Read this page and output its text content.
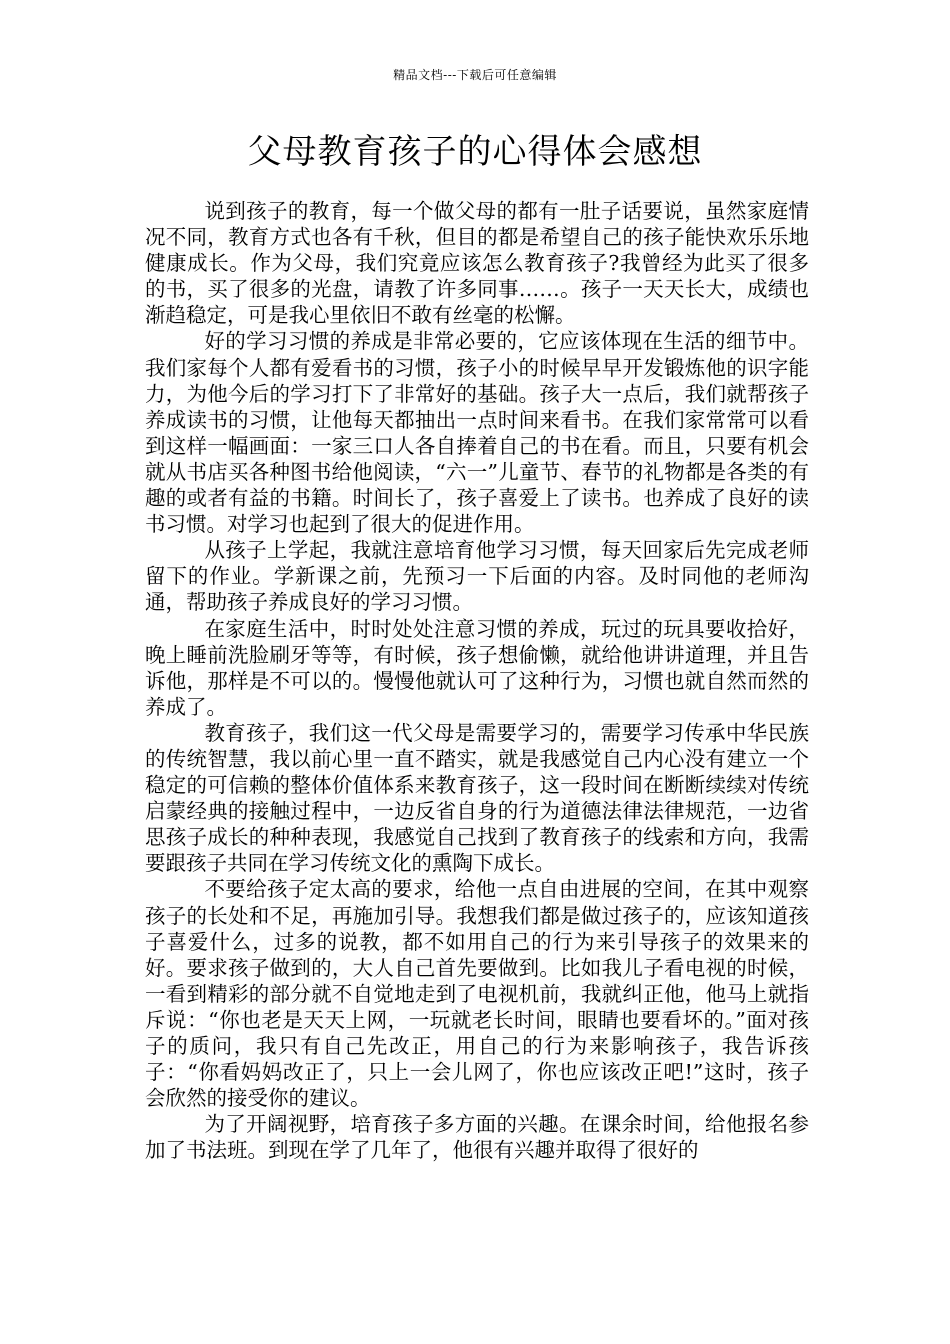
精品文档---下载后可任意编辑
父母教育孩子的心得体会感想

说到孩子的教育，每一个做父母的都有一肚子话要说，虽然家庭情况不同，教育方式也各有千秋，但目的都是希望自己的孩子能快欢乐乐地健康成长。作为父母，我们究竟应该怎么教育孩子?我曾经为此买了很多的书，买了很多的光盘，请教了许多同事……。孩子一天天长大，成绩也渐趋稳定，可是我心里依旧不敢有丝毫的松懈。

好的学习习惯的养成是非常必要的，它应该体现在生活的细节中。我们家每个人都有爱看书的习惯，孩子小的时候早早开发锻炼他的识字能力，为他今后的学习打下了非常好的基础。孩子大一点后，我们就帮孩子养成读书的习惯，让他每天都抽出一点时间来看书。在我们家常常可以看到这样一幅画面：一家三口人各自捧着自己的书在看。而且，只要有机会就从书店买各种图书给他阅读，“六一”儿童节、春节的礼物都是各类的有趣的或者有益的书籍。时间长了，孩子喜爱上了读书。也养成了良好的读书习惯。对学习也起到了很大的促进作用。

从孩子上学起，我就注意培育他学习习惯，每天回家后先完成老师留下的作业。学新课之前，先预习一下后面的内容。及时同他的老师沟通，帮助孩子养成良好的学习习惯。

在家庭生活中，时时处处注意习惯的养成，玩过的玩具要收拾好，晚上睡前洗脸刷牙等等，有时候，孩子想偷懒，就给他讲讲道理，并且告诉他，那样是不可以的。慢慢他就认可了这种行为，习惯也就自然而然的养成了。

教育孩子，我们这一代父母是需要学习的，需要学习传承中华民族的传统智慧，我以前心里一直不踏实，就是我感觉自己内心没有建立一个稳定的可信赖的整体价值体系来教育孩子，这一段时间在断断续续对传统启蒙经典的接触过程中，一边反省自身的行为道德法律法律规范，一边省思孩子成长的种种表现，我感觉自己找到了教育孩子的线索和方向，我需要跟孩子共同在学习传统文化的熏陶下成长。

不要给孩子定太高的要求，给他一点自由进展的空间，在其中观察孩子的长处和不足，再施加引导。我想我们都是做过孩子的，应该知道孩子喜爱什么，过多的说教，都不如用自己的行为来引导孩子的效果来的好。要求孩子做到的，大人自己首先要做到。比如我儿子看电视的时候，一看到精彩的部分就不自觉地走到了电视机前，我就纠正他，他马上就指斥说：“你也老是天天上网，一玩就老长时间，眼睛也要看坏的。”面对孩子的质问，我只有自己先改正，用自己的行为来影响孩子，我告诉孩子：“你看妈妈改正了，只上一会儿网了，你也应该改正吧!”这时，孩子会欣然的接受你的建议。

为了开阔视野，培育孩子多方面的兴趣。在课余时间，给他报名参加了书法班。到现在学了几年了，他很有兴趣并取得了很好的
